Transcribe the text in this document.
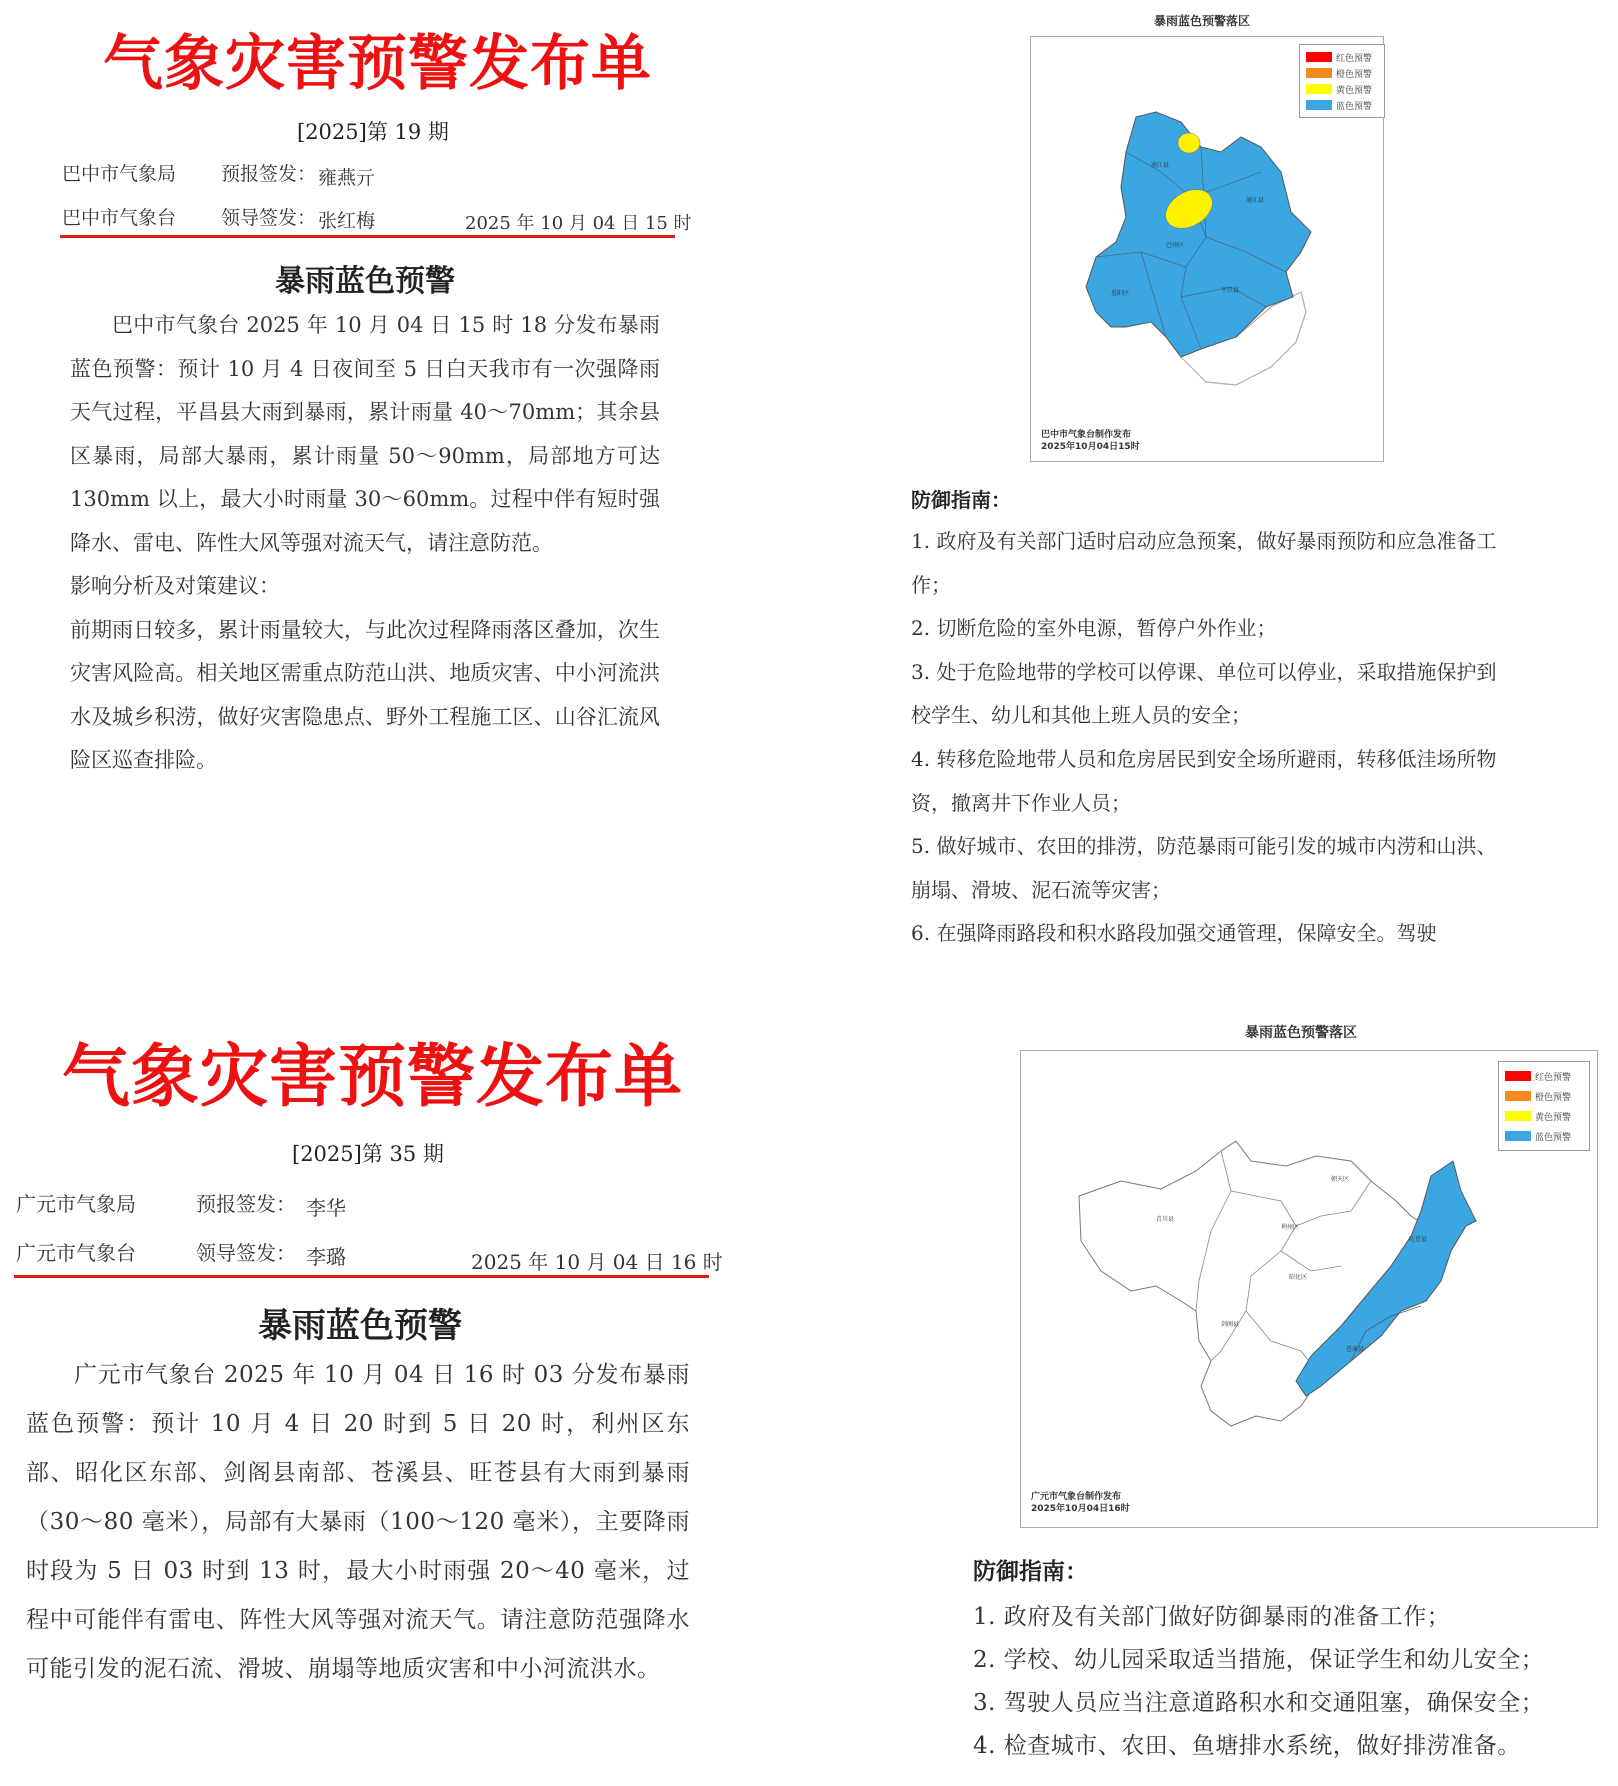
气象灾害预警发布单
[2025]第 19 期
巴中市气象局 预报签发： 雍燕亓
巴中市气象台 领导签发： 张红梅	2025 年 10 月 04 日 15 时
暴雨蓝色预警

巴中市气象台 2025 年 10 月 04 日 15 时 18 分发布暴雨蓝色预警：预计 10 月 4 日夜间至 5 日白天我市有一次强降雨天气过程，平昌县大雨到暴雨，累计雨量 40～70mm；其余县区暴雨，局部大暴雨，累计雨量 50～90mm，局部地方可达 130mm 以上，最大小时雨量 30～60mm。过程中伴有短时强降水、雷电、阵性大风等强对流天气，请注意防范。

影响分析及对策建议：

前期雨日较多，累计雨量较大，与此次过程降雨落区叠加，次生灾害风险高。相关地区需重点防范山洪、地质灾害、中小河流洪水及城乡积涝，做好灾害隐患点、野外工程施工区、山谷汇流风险区巡查排险。

暴雨蓝色预警落区
红色预警
橙色预警
黄色预警
蓝色预警
南江县
通江县
巴州区
恩阳区	平昌县
巴中市气象台制作发布
2025年10月04日15时
防御指南：

1. 政府及有关部门适时启动应急预案，做好暴雨预防和应急准备工作；

2. 切断危险的室外电源，暂停户外作业；

3. 处于危险地带的学校可以停课、单位可以停业，采取措施保护到校学生、幼儿和其他上班人员的安全；

4. 转移危险地带人员和危房居民到安全场所避雨，转移低洼场所物资，撤离井下作业人员；

5. 做好城市、农田的排涝，防范暴雨可能引发的城市内涝和山洪、崩塌、滑坡、泥石流等灾害；

6. 在强降雨路段和积水路段加强交通管理，保障安全。驾驶

气象灾害预警发布单
[2025]第 35 期
广元市气象局	预报签发： 李华
广元市气象台	领导签发： 李璐	2025 年 10 月 04 日 16 时
暴雨蓝色预警

广元市气象台 2025 年 10 月 04 日 16 时 03 分发布暴雨蓝色预警：预计 10 月 4 日 20 时到 5 日 20 时，利州区东部、昭化区东部、剑阁县南部、苍溪县、旺苍县有大雨到暴雨（30～80 毫米），局部有大暴雨（100～120 毫米），主要降雨时段为 5 日 03 时到 13 时，最大小时雨强 20～40 毫米，过程中可能伴有雷电、阵性大风等强对流天气。请注意防范强降水可能引发的泥石流、滑坡、崩塌等地质灾害和中小河流洪水。

暴雨蓝色预警落区
红色预警
橙色预警
黄色预警
蓝色预警
朝天区
青川县
利州区
旺苍县
昭化区
剑阁县
苍溪县
广元市气象台制作发布
2025年10月04日16时
防御指南：

1. 政府及有关部门做好防御暴雨的准备工作；

2. 学校、幼儿园采取适当措施，保证学生和幼儿安全；

3. 驾驶人员应当注意道路积水和交通阻塞，确保安全；

4. 检查城市、农田、鱼塘排水系统，做好排涝准备。
